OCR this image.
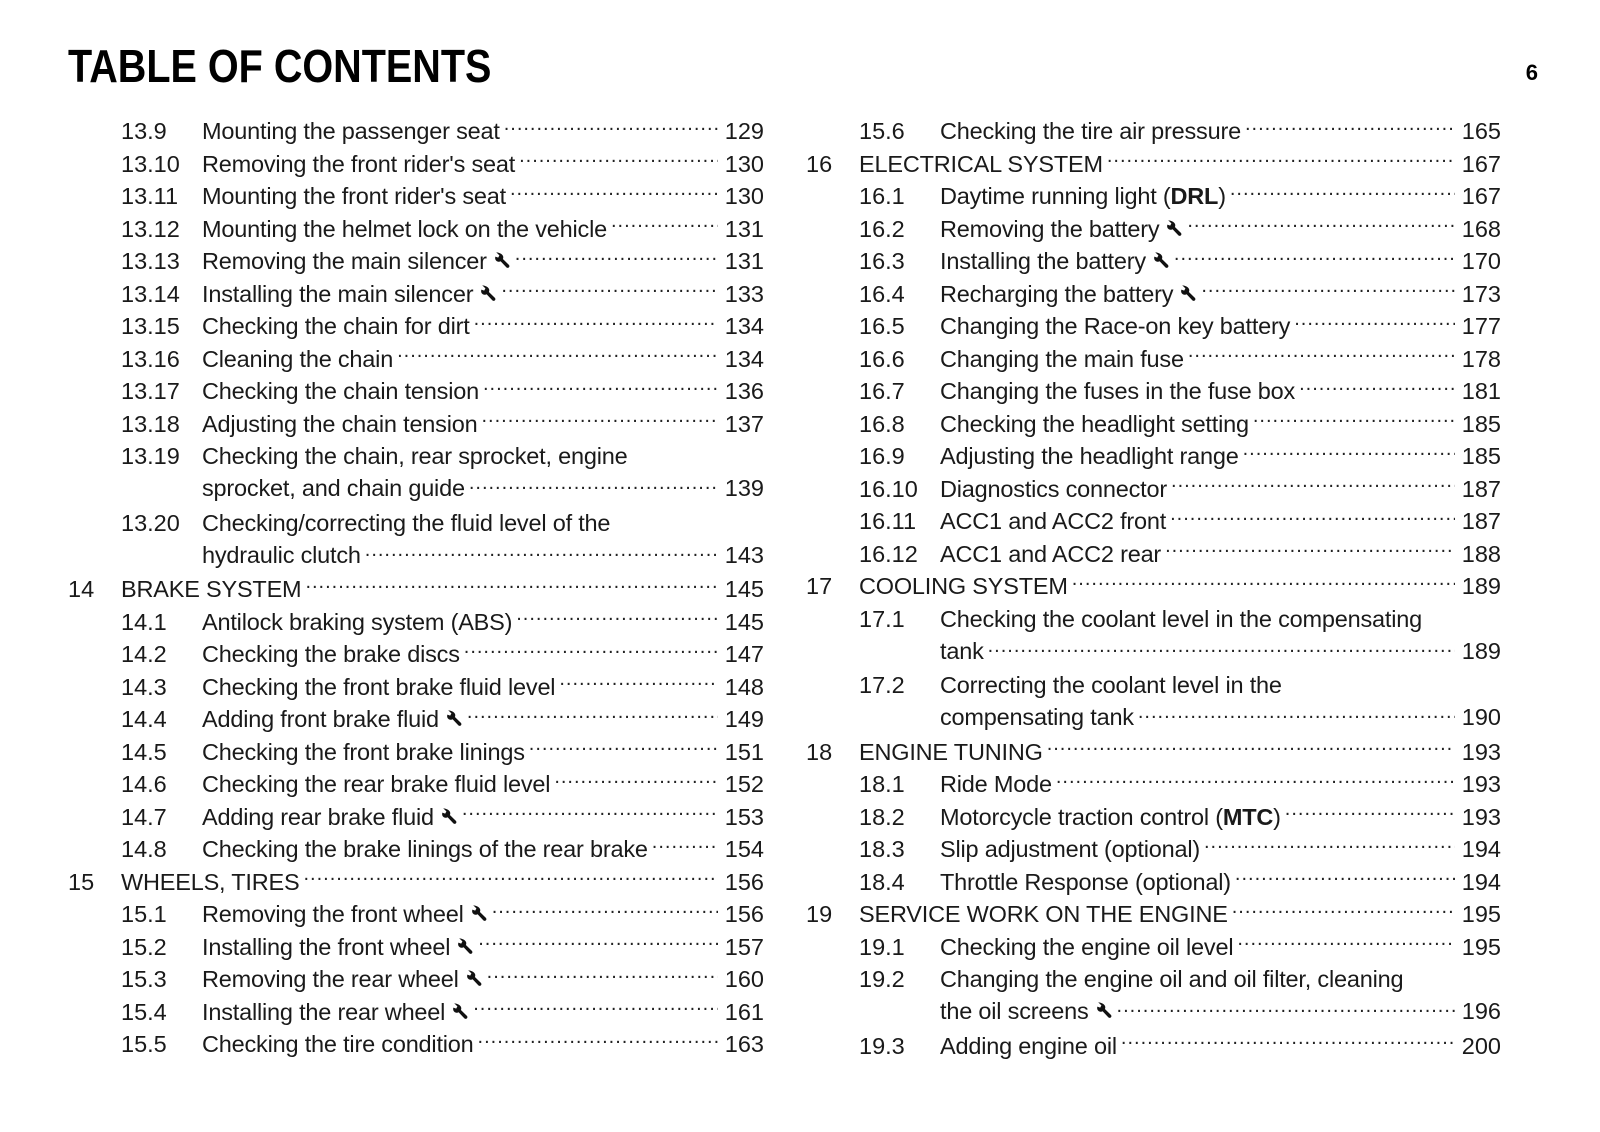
TABLE OF CONTENTS	6
13.9 Mounting the passenger seat .....	129
13.10 Removing the front rider's seat .....	130
13.11 Mounting the front rider's seat .....	130
13.12 Mounting the helmet lock on the vehicle .....	131
13.13 Removing the main silencer .....	131
13.14 Installing the main silencer .....	133
13.15 Checking the chain for dirt .....	134
13.16 Cleaning the chain .....	134
13.17 Checking the chain tension .....	136
13.18 Adjusting the chain tension .....	137
13.19 Checking the chain, rear sprocket, engine
sprocket, and chain guide .....	139
13.20 Checking/correcting the fluid level of the
hydraulic clutch .....	143
14 BRAKE SYSTEM .....	145
14.1 Antilock braking system (ABS) .....	145
14.2 Checking the brake discs .....	147
14.3 Checking the front brake fluid level .....	148
14.4 Adding front brake fluid .....	149
14.5 Checking the front brake linings .....	151
14.6 Checking the rear brake fluid level .....	152
14.7 Adding rear brake fluid .....	153
14.8 Checking the brake linings of the rear brake .....	154
15 WHEELS, TIRES .....	156
15.1 Removing the front wheel .....	156
15.2 Installing the front wheel .....	157
15.3 Removing the rear wheel .....	160
15.4 Installing the rear wheel .....	161
15.5 Checking the tire condition .....	163
15.6 Checking the tire air pressure .....	165
16 ELECTRICAL SYSTEM .....	167
16.1 Daytime running light (DRL) .....	167
16.2 Removing the battery .....	168
16.3 Installing the battery .....	170
16.4 Recharging the battery .....	173
16.5 Changing the Race-on key battery .....	177
16.6 Changing the main fuse .....	178
16.7 Changing the fuses in the fuse box .....	181
16.8 Checking the headlight setting .....	185
16.9 Adjusting the headlight range .....	185
16.10 Diagnostics connector .....	187
16.11 ACC1 and ACC2 front .....	187
16.12 ACC1 and ACC2 rear .....	188
17 COOLING SYSTEM .....	189
17.1 Checking the coolant level in the compensating
tank .....	189
17.2 Correcting the coolant level in the
compensating tank .....	190
18 ENGINE TUNING .....	193
18.1 Ride Mode .....	193
18.2 Motorcycle traction control (MTC) .....	193
18.3 Slip adjustment (optional) .....	194
18.4 Throttle Response (optional) .....	194
19 SERVICE WORK ON THE ENGINE .....	195
19.1 Checking the engine oil level .....	195
19.2 Changing the engine oil and oil filter, cleaning
the oil screens .....	196
19.3 Adding engine oil .....	200
